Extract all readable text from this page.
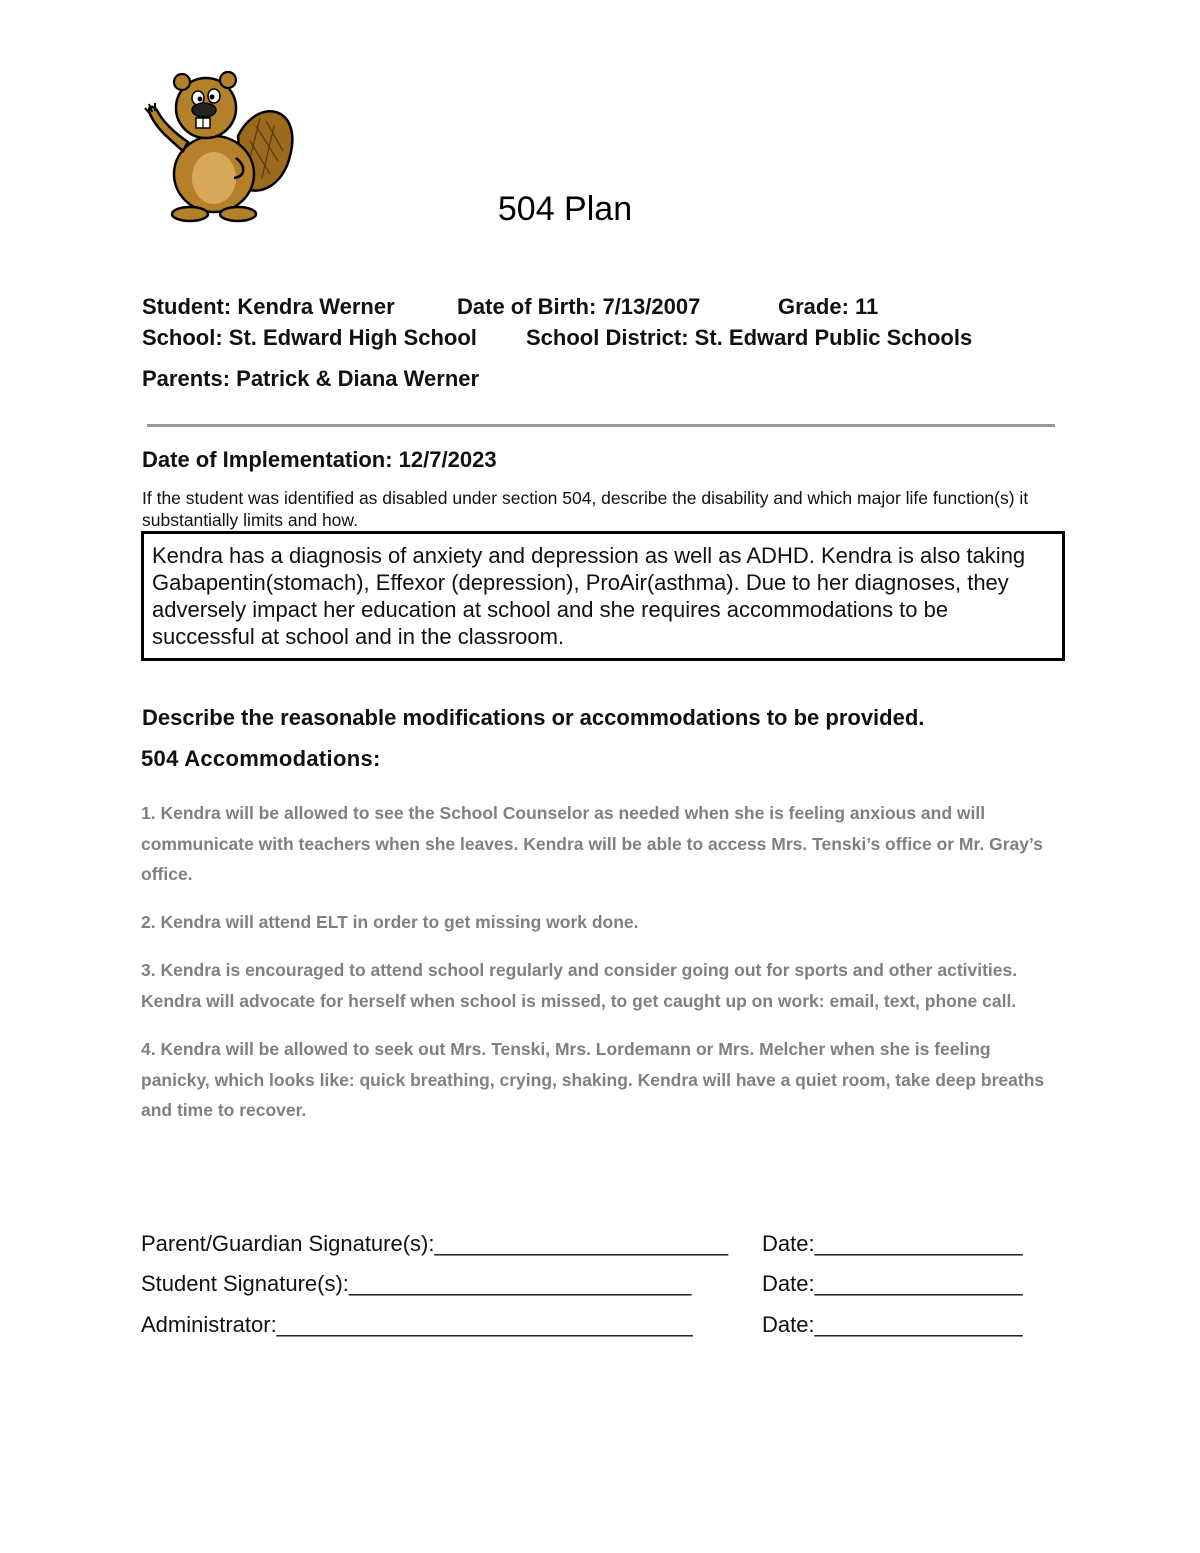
504 Plan
Student: Kendra Werner	Date of Birth: 7/13/2007	Grade: 11
School: St. Edward High School School District: St. Edward Public Schools
Parents: Patrick & Diana Werner
Date of Implementation: 12/7/2023
If the student was identified as disabled under section 504, describe the disability and which major life function(s) it substantially limits and how.
Kendra has a diagnosis of anxiety and depression as well as ADHD. Kendra is also taking Gabapentin(stomach), Effexor (depression), ProAir(asthma). Due to her diagnoses, they adversely impact her education at school and she requires accommodations to be successful at school and in the classroom.
Describe the reasonable modifications or accommodations to be provided.
504 Accommodations:
1. Kendra will be allowed to see the School Counselor as needed when she is feeling anxious and will communicate with teachers when she leaves. Kendra will be able to access Mrs. Tenski’s office or Mr. Gray’s office.
2. Kendra will attend ELT in order to get missing work done.
3. Kendra is encouraged to attend school regularly and consider going out for sports and other activities. Kendra will advocate for herself when school is missed, to get caught up on work: email, text, phone call.
4. Kendra will be allowed to seek out Mrs. Tenski, Mrs. Lordemann or Mrs. Melcher when she is feeling panicky, which looks like: quick breathing, crying, shaking. Kendra will have a quiet room, take deep breaths and time to recover.
Parent/Guardian Signature(s):________________________ Date:_________________
Student Signature(s):____________________________	Date:_________________
Administrator:__________________________________	Date:_________________
